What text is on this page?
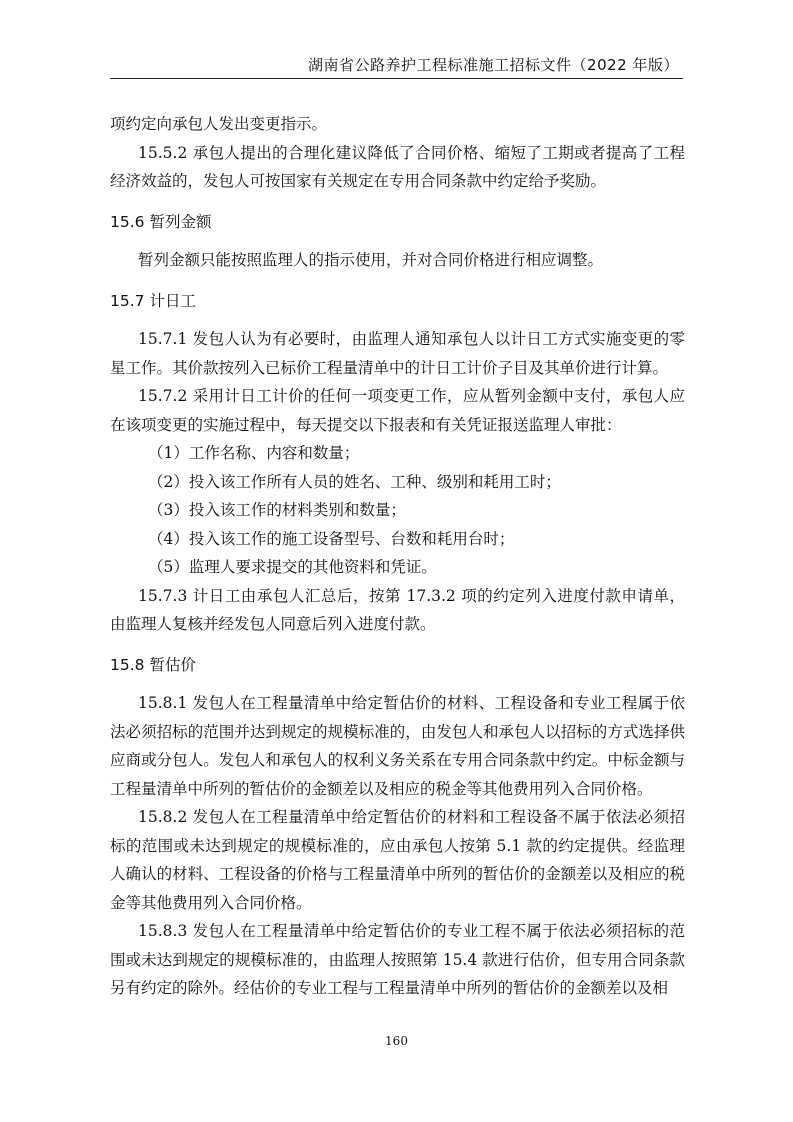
湖南省公路养护工程标准施工招标文件（2022 年版）

项约定向承包人发出变更指示。

15.5.2 承包人提出的合理化建议降低了合同价格、缩短了工期或者提高了工程经济效益的，发包人可按国家有关规定在专用合同条款中约定给予奖励。

15.6 暂列金额

暂列金额只能按照监理人的指示使用，并对合同价格进行相应调整。

15.7 计日工

15.7.1 发包人认为有必要时，由监理人通知承包人以计日工方式实施变更的零星工作。其价款按列入已标价工程量清单中的计日工计价子目及其单价进行计算。

15.7.2 采用计日工计价的任何一项变更工作，应从暂列金额中支付，承包人应在该项变更的实施过程中，每天提交以下报表和有关凭证报送监理人审批：

（1）工作名称、内容和数量；

（2）投入该工作所有人员的姓名、工种、级别和耗用工时；

（3）投入该工作的材料类别和数量；

（4）投入该工作的施工设备型号、台数和耗用台时；

（5）监理人要求提交的其他资料和凭证。

15.7.3 计日工由承包人汇总后，按第 17.3.2 项的约定列入进度付款申请单，由监理人复核并经发包人同意后列入进度付款。

15.8 暂估价

15.8.1 发包人在工程量清单中给定暂估价的材料、工程设备和专业工程属于依法必须招标的范围并达到规定的规模标准的，由发包人和承包人以招标的方式选择供应商或分包人。发包人和承包人的权利义务关系在专用合同条款中约定。中标金额与工程量清单中所列的暂估价的金额差以及相应的税金等其他费用列入合同价格。

15.8.2 发包人在工程量清单中给定暂估价的材料和工程设备不属于依法必须招标的范围或未达到规定的规模标准的，应由承包人按第 5.1 款的约定提供。经监理人确认的材料、工程设备的价格与工程量清单中所列的暂估价的金额差以及相应的税金等其他费用列入合同价格。

15.8.3 发包人在工程量清单中给定暂估价的专业工程不属于依法必须招标的范围或未达到规定的规模标准的，由监理人按照第 15.4 款进行估价，但专用合同条款另有约定的除外。经估价的专业工程与工程量清单中所列的暂估价的金额差以及相

160
